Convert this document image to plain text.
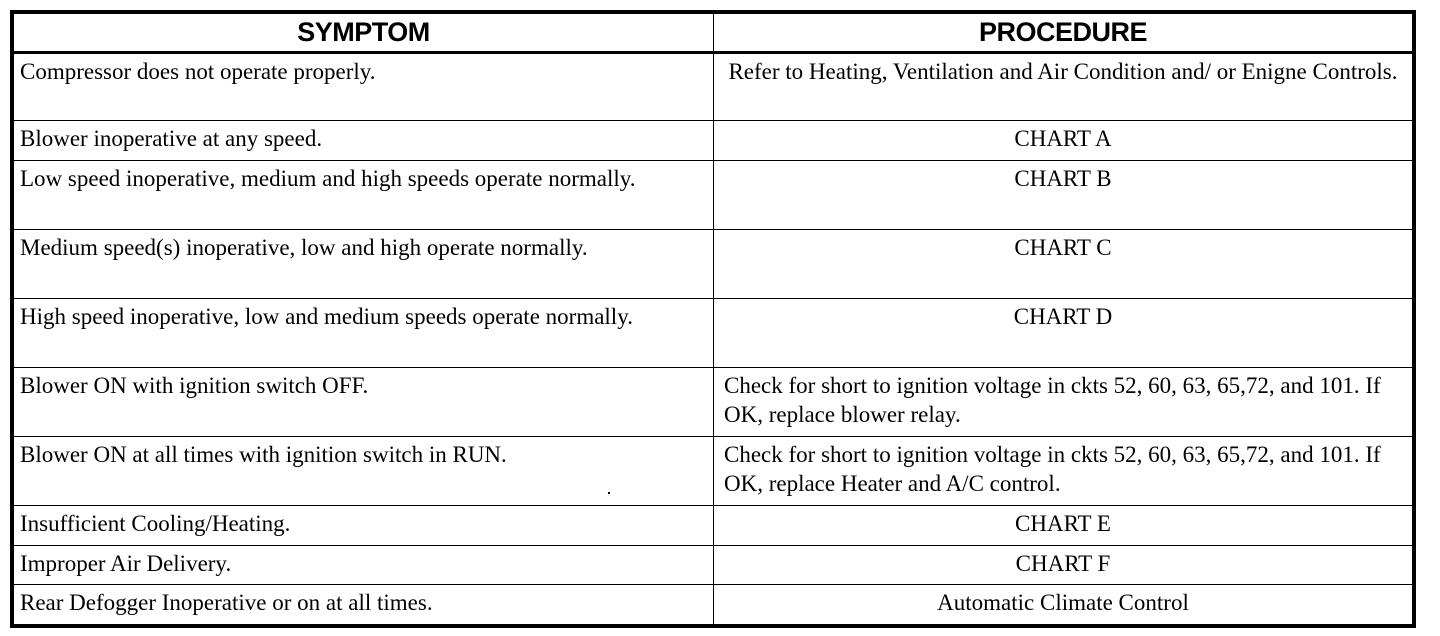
SYMPTOM	PROCEDURE
Compressor does not operate properly.	Refer to Heating, Ventilation and Air Condition and/ or Enigne Controls.
Blower inoperative at any speed.	CHART A
Low speed inoperative, medium and high speeds operate normally.	CHART B
Medium speed(s) inoperative, low and high operate normally.	CHART C
High speed inoperative, low and medium speeds operate normally.	CHART D
Blower ON with ignition switch OFF.	Check for short to ignition voltage in ckts 52, 60, 63, 65,72, and 101. If OK, replace blower relay.
Blower ON at all times with ignition switch in RUN.	Check for short to ignition voltage in ckts 52, 60, 63, 65,72, and 101. If OK, replace Heater and A/C control.
Insufficient Cooling/Heating.	CHART E
Improper Air Delivery.	CHART F
Rear Defogger Inoperative or on at all times.	Automatic Climate Control
